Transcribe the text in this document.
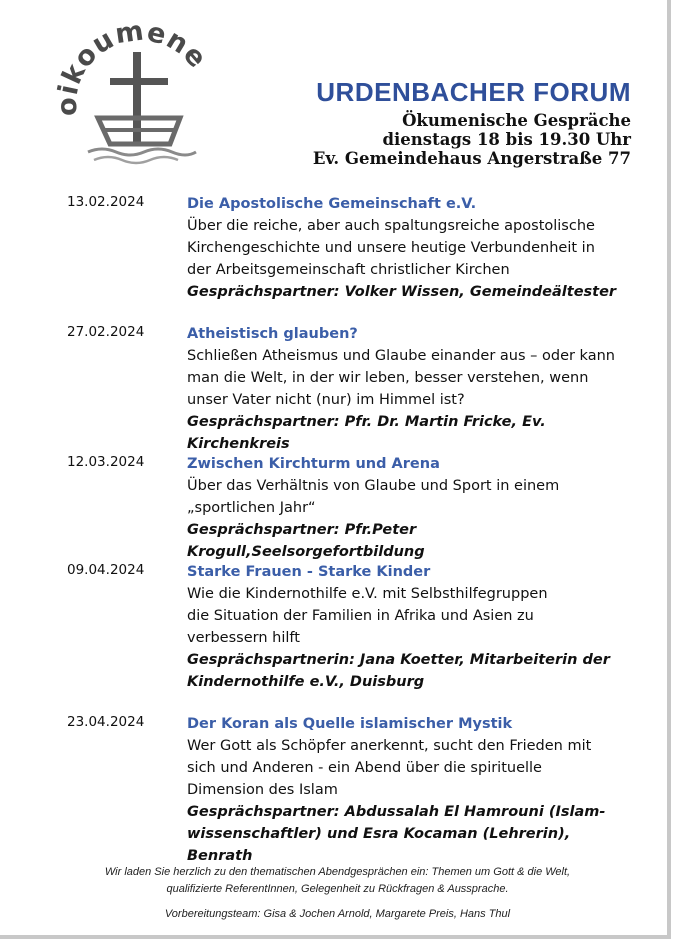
oikoumene
URDENBACHER FORUM
Ökumenische Gespräche
dienstags 18 bis 19.30 Uhr
Ev. Gemeindehaus Angerstraße 77
13.02.2024	Die Apostolische Gemeinschaft e.V.
Über die reiche, aber auch spaltungsreiche apostolische
Kirchengeschichte und unsere heutige Verbundenheit in
der Arbeitsgemeinschaft christlicher Kirchen
Gesprächspartner: Volker Wissen, Gemeindeältester
27.02.2024	Atheistisch glauben?
Schließen Atheismus und Glaube einander aus – oder kann
man die Welt, in der wir leben, besser verstehen, wenn
unser Vater nicht (nur) im Himmel ist?
Gesprächspartner: Pfr. Dr. Martin Fricke, Ev. Kirchenkreis
12.03.2024	Zwischen Kirchturm und Arena
Über das Verhältnis von Glaube und Sport in einem
„sportlichen Jahr“
Gesprächspartner: Pfr.Peter Krogull,Seelsorgefortbildung
09.04.2024	Starke Frauen - Starke Kinder
Wie die Kindernothilfe e.V. mit Selbsthilfegruppen
die Situation der Familien in Afrika und Asien zu
verbessern hilft
Gesprächspartnerin: Jana Koetter, Mitarbeiterin der
Kindernothilfe e.V., Duisburg
23.04.2024	Der Koran als Quelle islamischer Mystik
Wer Gott als Schöpfer anerkennt, sucht den Frieden mit
sich und Anderen - ein Abend über die spirituelle
Dimension des Islam
Gesprächspartner: Abdussalah El Hamrouni (Islam-
wissenschaftler) und Esra Kocaman (Lehrerin), Benrath
Wir laden Sie herzlich zu den thematischen Abendgesprächen ein: Themen um Gott & die Welt,
qualifizierte ReferentInnen, Gelegenheit zu Rückfragen & Aussprache.
Vorbereitungsteam: Gisa & Jochen Arnold, Margarete Preis, Hans Thul
